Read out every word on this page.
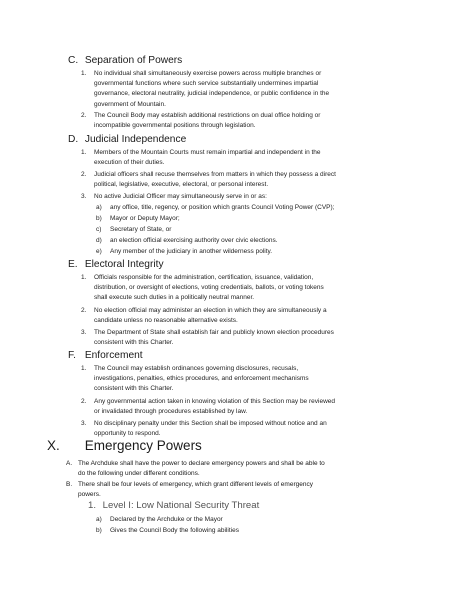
C. Separation of Powers
1. No individual shall simultaneously exercise powers across multiple branches or
governmental functions where such service substantially undermines impartial
governance, electoral neutrality, judicial independence, or public confidence in the
government of Mountain.
2. The Council Body may establish additional restrictions on dual office holding or
incompatible governmental positions through legislation.
D. Judicial Independence
1. Members of the Mountain Courts must remain impartial and independent in the
execution of their duties.
2. Judicial officers shall recuse themselves from matters in which they possess a direct
political, legislative, executive, electoral, or personal interest.
3. No active Judicial Officer may simultaneously serve in or as:
a) any office, title, regency, or position which grants Council Voting Power (CVP);
b) Mayor or Deputy Mayor;
c) Secretary of State, or
d) an election official exercising authority over civic elections.
e) Any member of the judiciary in another wilderness polity.
E. Electoral Integrity
1. Officials responsible for the administration, certification, issuance, validation,
distribution, or oversight of elections, voting credentials, ballots, or voting tokens
shall execute such duties in a politically neutral manner.
2. No election official may administer an election in which they are simultaneously a
candidate unless no reasonable alternative exists.
3. The Department of State shall establish fair and publicly known election procedures
consistent with this Charter.
F. Enforcement
1. The Council may establish ordinances governing disclosures, recusals,
investigations, penalties, ethics procedures, and enforcement mechanisms
consistent with this Charter.
2. Any governmental action taken in knowing violation of this Section may be reviewed
or invalidated through procedures established by law.
3. No disciplinary penalty under this Section shall be imposed without notice and an
opportunity to respond.
X. Emergency Powers
A. The Archduke shall have the power to declare emergency powers and shall be able to
do the following under different conditions.
B. There shall be four levels of emergency, which grant different levels of emergency
powers.
1. Level I: Low National Security Threat
a) Declared by the Archduke or the Mayor
b) Gives the Council Body the following abilities
